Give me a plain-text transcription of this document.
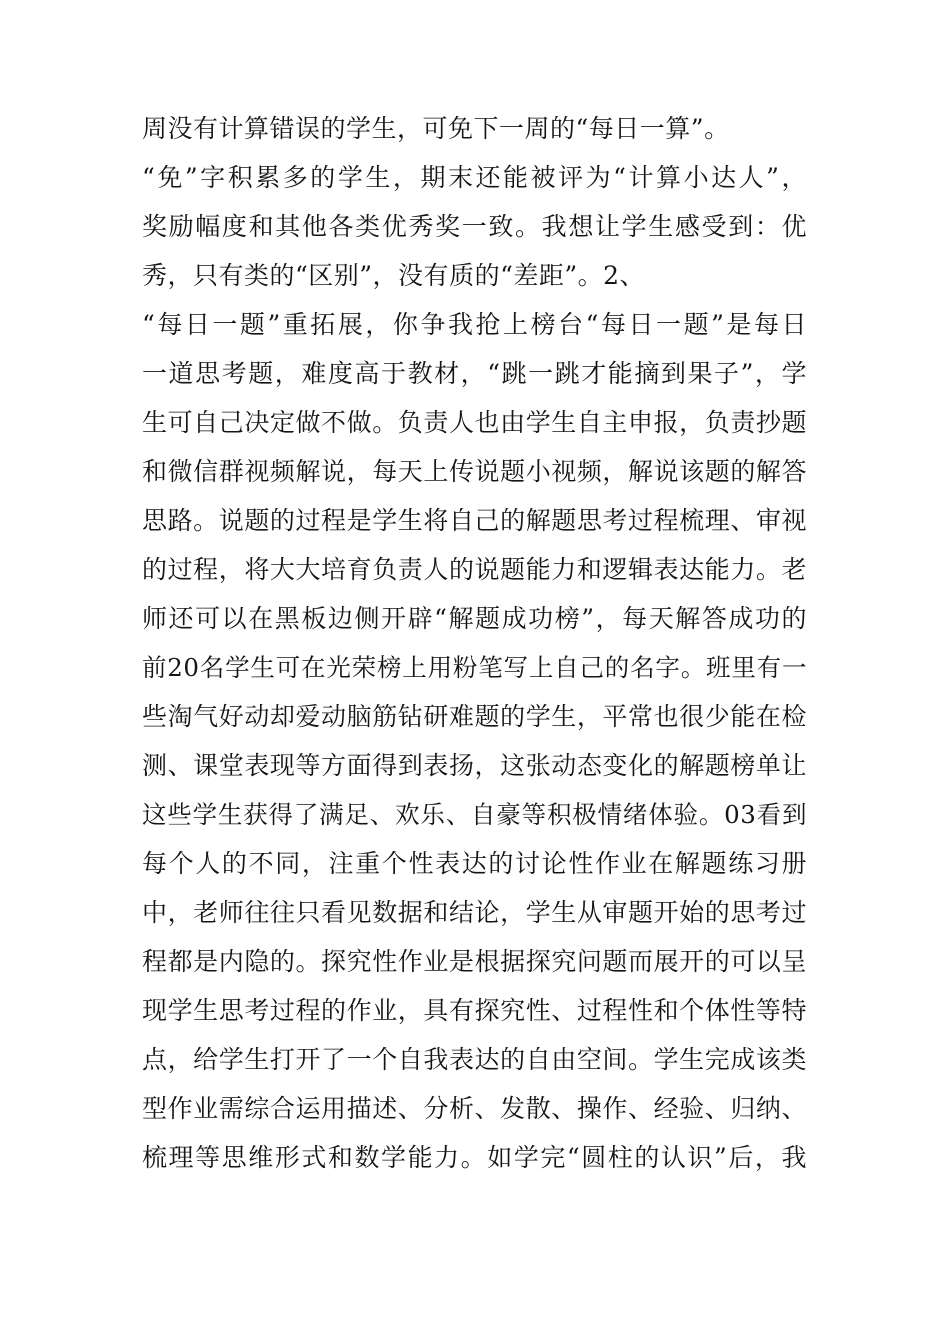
周没有计算错误的学生，可免下一周的“每日一算”。
“免”字积累多的学生，期末还能被评为“计算小达人”，
奖励幅度和其他各类优秀奖一致。我想让学生感受到：优
秀，只有类的“区别”，没有质的“差距”。2、
“每日一题”重拓展，你争我抢上榜台“每日一题”是每日
一道思考题，难度高于教材，“跳一跳才能摘到果子”，学
生可自己决定做不做。负责人也由学生自主申报，负责抄题
和微信群视频解说，每天上传说题小视频，解说该题的解答
思路。说题的过程是学生将自己的解题思考过程梳理、审视
的过程，将大大培育负责人的说题能力和逻辑表达能力。老
师还可以在黑板边侧开辟“解题成功榜”，每天解答成功的
前20名学生可在光荣榜上用粉笔写上自己的名字。班里有一
些淘气好动却爱动脑筋钻研难题的学生，平常也很少能在检
测、课堂表现等方面得到表扬，这张动态变化的解题榜单让
这些学生获得了满足、欢乐、自豪等积极情绪体验。03看到
每个人的不同，注重个性表达的讨论性作业在解题练习册
中，老师往往只看见数据和结论，学生从审题开始的思考过
程都是内隐的。探究性作业是根据探究问题而展开的可以呈
现学生思考过程的作业，具有探究性、过程性和个体性等特
点，给学生打开了一个自我表达的自由空间。学生完成该类
型作业需综合运用描述、分析、发散、操作、经验、归纳、
梳理等思维形式和数学能力。如学完“圆柱的认识”后，我
